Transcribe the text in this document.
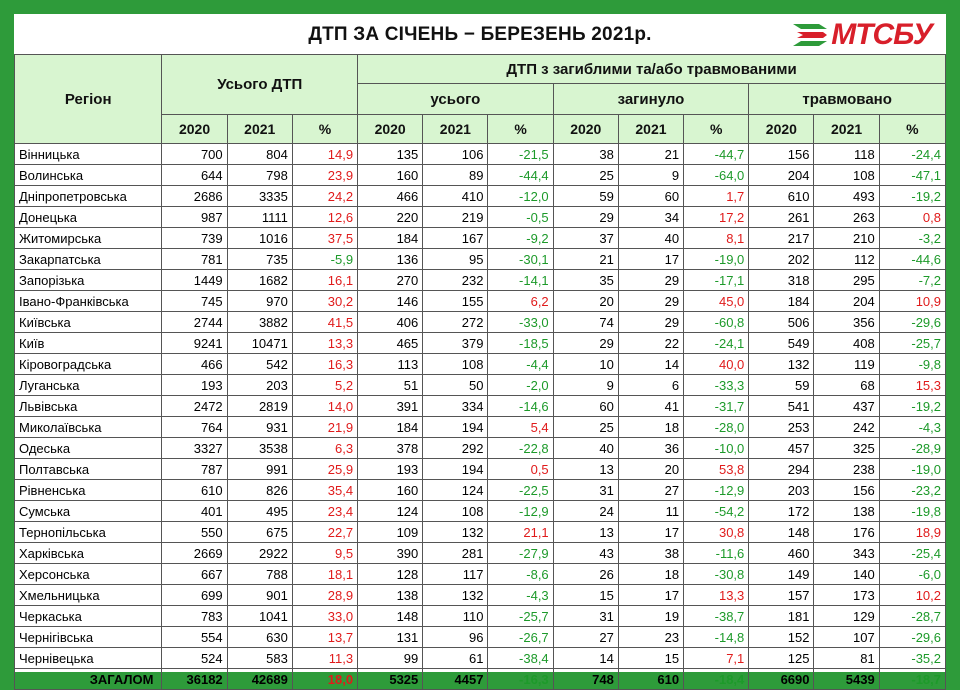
ДТП ЗА СІЧЕНЬ − БЕРЕЗЕНЬ 2021р.	МТСБУ
Регіон	Усього ДТП			ДТП з загиблими та/або травмованими								
				усього			загинуло			травмовано		
	2020	2021	%	2020	2021	%	2020	2021	%	2020	2021	%
Вінницька	700	804	14,9	135	106	-21,5	38	21	-44,7	156	118	-24,4
Волинська	644	798	23,9	160	89	-44,4	25	9	-64,0	204	108	-47,1
Дніпропетровська	2686	3335	24,2	466	410	-12,0	59	60	1,7	610	493	-19,2
Донецька	987	1111	12,6	220	219	-0,5	29	34	17,2	261	263	0,8
Житомирська	739	1016	37,5	184	167	-9,2	37	40	8,1	217	210	-3,2
Закарпатська	781	735	-5,9	136	95	-30,1	21	17	-19,0	202	112	-44,6
Запорізька	1449	1682	16,1	270	232	-14,1	35	29	-17,1	318	295	-7,2
Івано-Франківська	745	970	30,2	146	155	6,2	20	29	45,0	184	204	10,9
Київська	2744	3882	41,5	406	272	-33,0	74	29	-60,8	506	356	-29,6
Київ	9241	10471	13,3	465	379	-18,5	29	22	-24,1	549	408	-25,7
Кіровоградська	466	542	16,3	113	108	-4,4	10	14	40,0	132	119	-9,8
Луганська	193	203	5,2	51	50	-2,0	9	6	-33,3	59	68	15,3
Львівська	2472	2819	14,0	391	334	-14,6	60	41	-31,7	541	437	-19,2
Миколаївська	764	931	21,9	184	194	5,4	25	18	-28,0	253	242	-4,3
Одеська	3327	3538	6,3	378	292	-22,8	40	36	-10,0	457	325	-28,9
Полтавська	787	991	25,9	193	194	0,5	13	20	53,8	294	238	-19,0
Рівненська	610	826	35,4	160	124	-22,5	31	27	-12,9	203	156	-23,2
Сумська	401	495	23,4	124	108	-12,9	24	11	-54,2	172	138	-19,8
Тернопільська	550	675	22,7	109	132	21,1	13	17	30,8	148	176	18,9
Харківська	2669	2922	9,5	390	281	-27,9	43	38	-11,6	460	343	-25,4
Херсонська	667	788	18,1	128	117	-8,6	26	18	-30,8	149	140	-6,0
Хмельницька	699	901	28,9	138	132	-4,3	15	17	13,3	157	173	10,2
Черкаська	783	1041	33,0	148	110	-25,7	31	19	-38,7	181	129	-28,7
Чернігівська	554	630	13,7	131	96	-26,7	27	23	-14,8	152	107	-29,6
Чернівецька	524	583	11,3	99	61	-38,4	14	15	7,1	125	81	-35,2
ЗАГАЛОМ	36182	42689	18,0	5325	4457	-16,3	748	610	-18,4	6690	5439	-18,7
